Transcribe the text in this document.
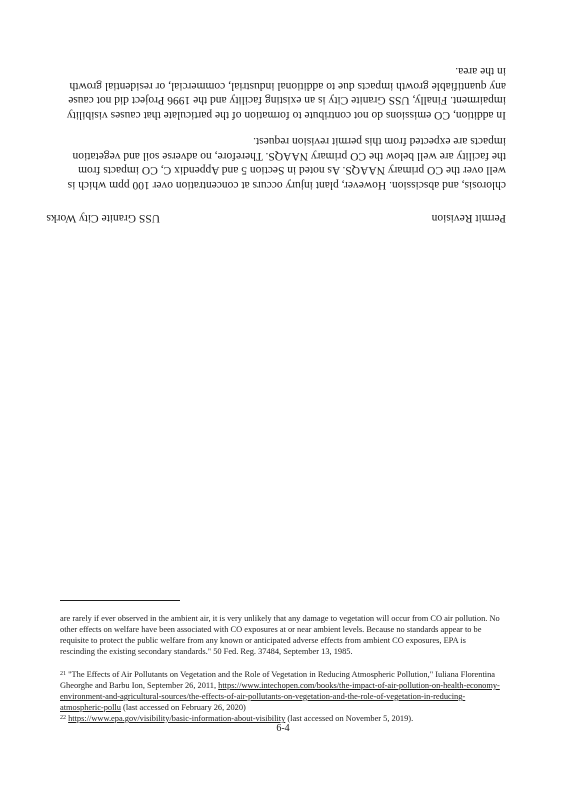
USS Granite City Works	Permit Revision

chlorosis, and abscission. However, plant injury occurs at concentration over 100 ppm which is well over the CO primary NAAQS. As noted in Section 5 and Appendix C, CO impacts from the facility are well below the CO primary NAAQS. Therefore, no adverse soil and vegetation impacts are expected from this permit revision request.

In addition, CO emissions do not contribute to formation of the particulate that causes visibility impairment. Finally, USS Granite City is an existing facility and the 1996 Project did not cause any quantifiable growth impacts due to additional industrial, commercial, or residential growth in the area.

are rarely if ever observed in the ambient air, it is very unlikely that any damage to vegetation will occur from CO air pollution. No other effects on welfare have been associated with CO exposures at or near ambient levels. Because no standards appear to be requisite to protect the public welfare from any known or anticipated adverse effects from ambient CO exposures, EPA is rescinding the existing secondary standards." 50 Fed. Reg. 37484, September 13, 1985.

$^{21}$ "The Effects of Air Pollutants on Vegetation and the Role of Vegetation in Reducing Atmospheric Pollution," Iuliana Florentina Gheorghe and Barbu Ion, September 26, 2011, https://www.intechopen.com/books/the-impact-of-air-pollution-on-health-economy-environment-and-agricultural-sources/the-effects-of-air-pollutants-on-vegetation-and-the-role-of-vegetation-in-reducing-atmospheric-pollu (last accessed on February 26, 2020)

$^{22}$ https://www.epa.gov/visibility/basic-information-about-visibility (last accessed on November 5, 2019).

6-4
